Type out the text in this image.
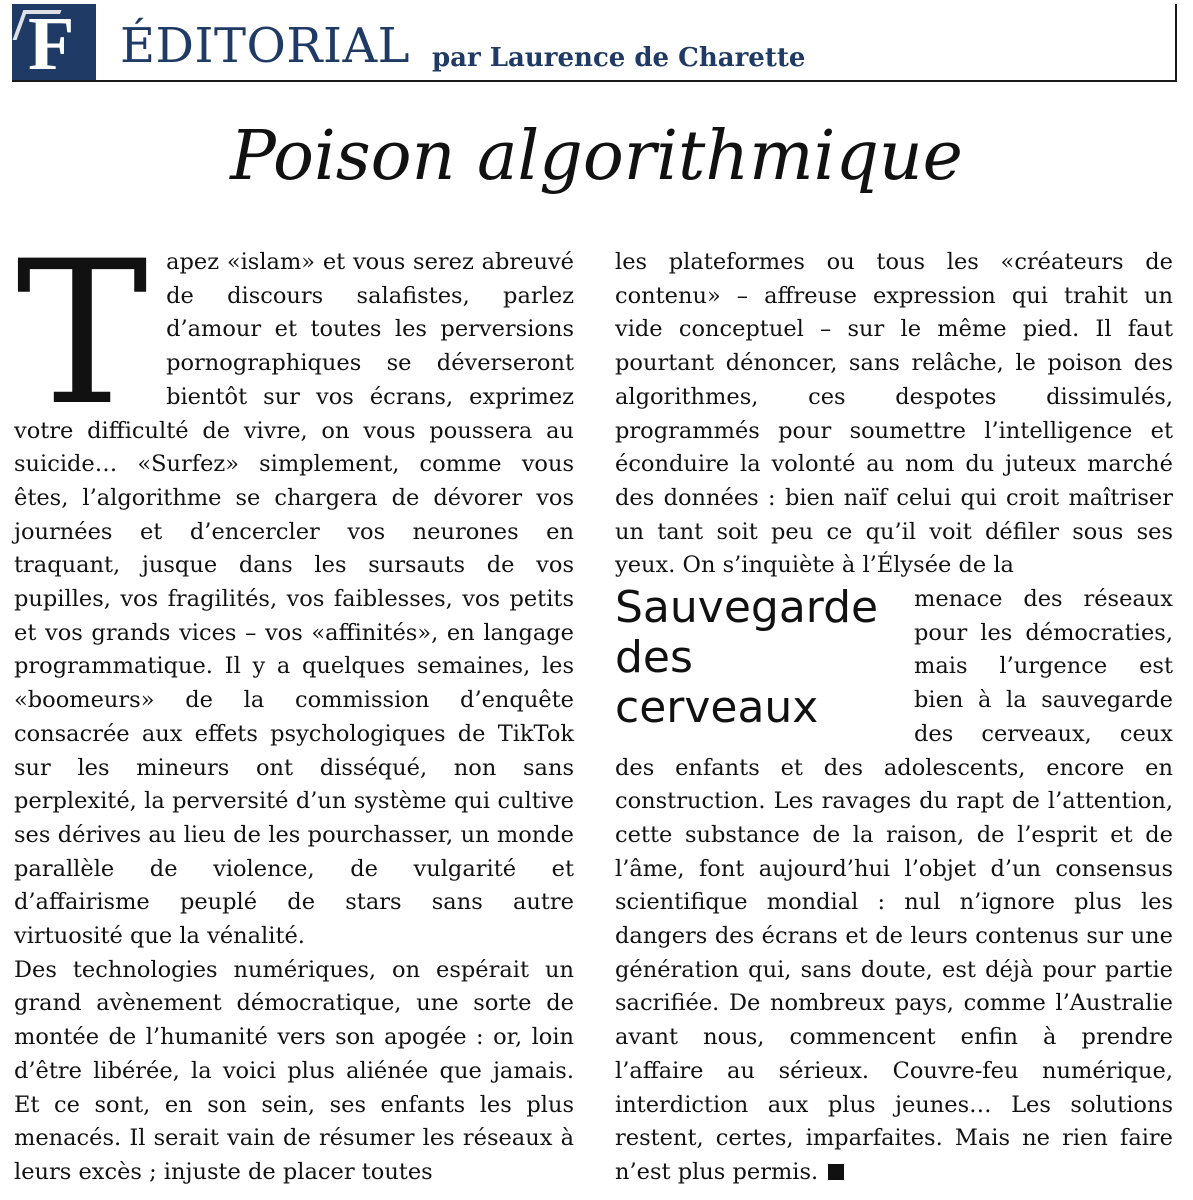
F ÉDITORIAL par Laurence de Charette
Poison algorithmique

Tapez «islam» et vous serez abreuvé de discours salafistes, parlez d’amour et toutes les perversions pornographiques se déverseront bientôt sur vos écrans, exprimez votre difficulté de vivre, on vous poussera au suicide… «Surfez» simplement, comme vous êtes, l’algorithme se chargera de dévorer vos journées et d’encercler vos neurones en traquant, jusque dans les sursauts de vos pupilles, vos fragilités, vos faiblesses, vos petits et vos grands vices – vos «affinités», en langage programmatique. Il y a quelques semaines, les «boomeurs» de la commission d’enquête consacrée aux effets psychologiques de TikTok sur les mineurs ont disséqué, non sans perplexité, la perversité d’un système qui cultive ses dérives au lieu de les pourchasser, un monde parallèle de violence, de vulgarité et d’affairisme peuplé de stars sans autre virtuosité que la vénalité.

Des technologies numériques, on espérait un grand avènement démocratique, une sorte de montée de l’humanité vers son apogée : or, loin d’être libérée, la voici plus aliénée que jamais. Et ce sont, en son sein, ses enfants les plus menacés. Il serait vain de résumer les réseaux à leurs excès ; injuste de placer toutes

les plateformes ou tous les «créateurs de contenu» – affreuse expression qui trahit un vide conceptuel – sur le même pied. Il faut pourtant dénoncer, sans relâche, le poison des algorithmes, ces despotes dissimulés, programmés pour soumettre l’intelligence et éconduire la volonté au nom du juteux marché des données : bien naïf celui qui croit maîtriser un tant soit peu ce qu’il voit défiler sous ses yeux. On s’inquiète à l’Élysée de la

Sauvegarde des cerveaux
menace des réseaux pour les démocraties, mais l’urgence est bien à la sauvegarde des cerveaux, ceux des enfants et des adolescents, encore en construction. Les ravages du rapt de l’attention, cette substance de la raison, de l’esprit et de l’âme, font aujourd’hui l’objet d’un consensus scientifique mondial : nul n’ignore plus les dangers des écrans et de leurs contenus sur une génération qui, sans doute, est déjà pour partie sacrifiée. De nombreux pays, comme l’Australie avant nous, commencent enfin à prendre l’affaire au sérieux. Couvre-feu numérique, interdiction aux plus jeunes… Les solutions restent, certes, imparfaites. Mais ne rien faire n’est plus permis.
